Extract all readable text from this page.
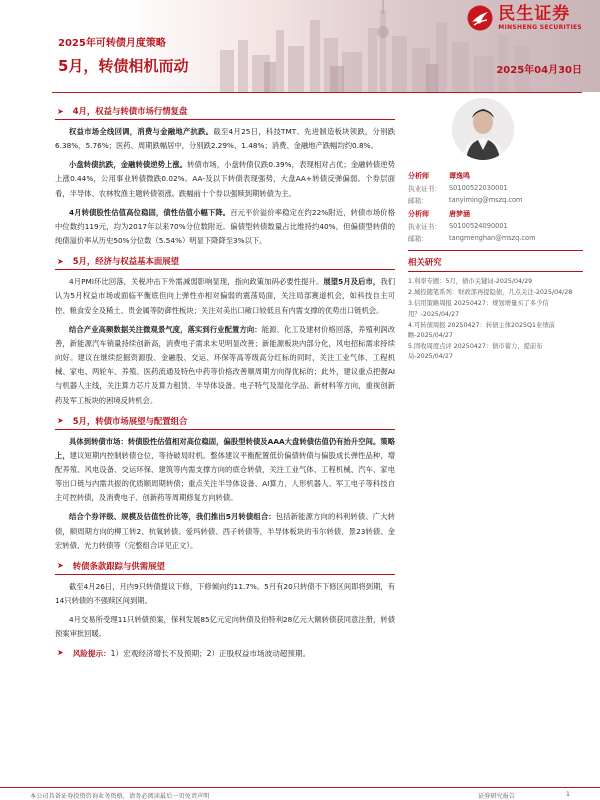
民生证券
MINSHENG SECURITIES
2025年可转债月度策略
5月，转债相机而动	2025年04月30日
➤ 4月，权益与转债市场行情复盘

权益市场全线回调，消费与金融地产抗跌。截至4月25日，科技TMT、先进制造板块领跌，分别跌6.38%、5.76%；医药、周期跌幅居中，分别跌2.29%、1.48%；消费、金融地产跌幅均约0.8%。

小盘转债抗跌，金融转债逆势上涨。转债市场，小盘转债仅跌0.39%，表现相对占优；金融转债逆势上涨0.44%，公用事业转债微跌0.02%。AA-及以下转债表现强势，大盘AA+转债反弹偏弱。个券层面看，半导体、农林牧渔主题转债领涨。跌幅前十个券以强赎到期转债为主。

4月转债股性估值高位稳固，债性估值小幅下降。百元平价溢价率稳定在约22%附近，转债市场价格中位数约119元，均为2017年以来70%分位数附近。偏债型转债数量占比维持约40%，但偏债型转债的纯债溢价率从历史50%分位数（5.54%）明显下降降至3%以下。

➤ 5月，经济与权益基本面展望

4月PMI环比回落，关税冲击下外需减弱影响显现，指向政策加码必要性提升。展望5月及后市，我们认为5月权益市场或面临平衡底但向上弹性亦相对偏弱的震荡局面，关注局部赛道机会，如科技自主可控、粮食安全及稀土、贵金属等防御性板块；关注对美出口敞口较低且有内需支撑的优势出口链机会。

结合产业高频数据关注微观景气度，落实到行业配置方向：能源、化工及建材价格回落，养殖利润改善，新能源汽车销量持续创新高，消费电子需求未见明显改善；新能源板块内部分化，风电招标需求持续向好。建议在继续挖掘资源股、金融股、交运、环保等高等级高分红标的同时，关注工业气体、工程机械、家电、两轮车、养殖、医药流通及特色中药等价格改善顺周期方向得优标的；此外，建议重点把握AI与机器人主线，关注算力芯片及算力租赁、半导体设备、电子特气及湿化学品、新材料等方向，重视创新药及军工板块的困境反转机会。

➤ 5月，转债市场展望与配置组合

具体到转债市场：转债股性估值相对高位稳固，偏股型转债及AAA大盘转债估值仍有抬升空间。策略上，建议短期内控制转债仓位，等待破局时机。整体建议平衡配置低价偏债转债与偏股成长弹性品种，增配养殖、风电设备、交运环保、建筑等内需支撑方向的底仓转债，关注工业气体、工程机械、汽车、家电等出口链与内需共振的优质顺周期转债；重点关注半导体设备、AI算力、人形机器人、军工电子等科技自主可控转债，及消费电子、创新药等周期修复方向转债。

结合个券评级、规模及估值性价比等，我们推出5月转债组合：包括新能源方向的科利转债、广大转债，顺周期方向的柳工转2、杭氧转债、爱玛转债、西子转债等，半导体板块的韦尔转债、景23转债、金宏转债、光力转债等（完整组合详见正文）。

➤ 转债条款跟踪与供需展望

截至4月26日，月内9只转债提议下修，下修倾向约11.7%。5月有20只转债不下修区间即将到期，有14只转债的不强赎区间到期。

4月交易所受理11只转债预案，保利发展85亿元定向转债及伯特利28亿元大额转债获同意注册，转债预案审批回暖。

➤ 风险提示： 1）宏观经济增长不及预期；2）正股权益市场波动超预期。
分析师	谭逸鸣
执业证书：	S0100522030001
邮箱：	tanyiming@mszq.com
分析师	唐梦涵
执业证书：	S0100524090001
邮箱：	tangmenghan@mszq.com
相关研究
1.利率专题：5月，债市关键词-2025/04/29
2.城投随笔系列：财政部再提隐债，几点关注-2025/04/28
3.信用策略周报 20250427：规划增量买了多少信用？-2025/04/27
4.可转债周报 20250427：转债主体2025Q1业绩前瞻-2025/04/27
5.固收周度点评 20250427：债市蓄力，提前布局-2025/04/27
本公司具备证券投资咨询业务资格，请务必阅读最后一页免责声明	证券研究报告	1
